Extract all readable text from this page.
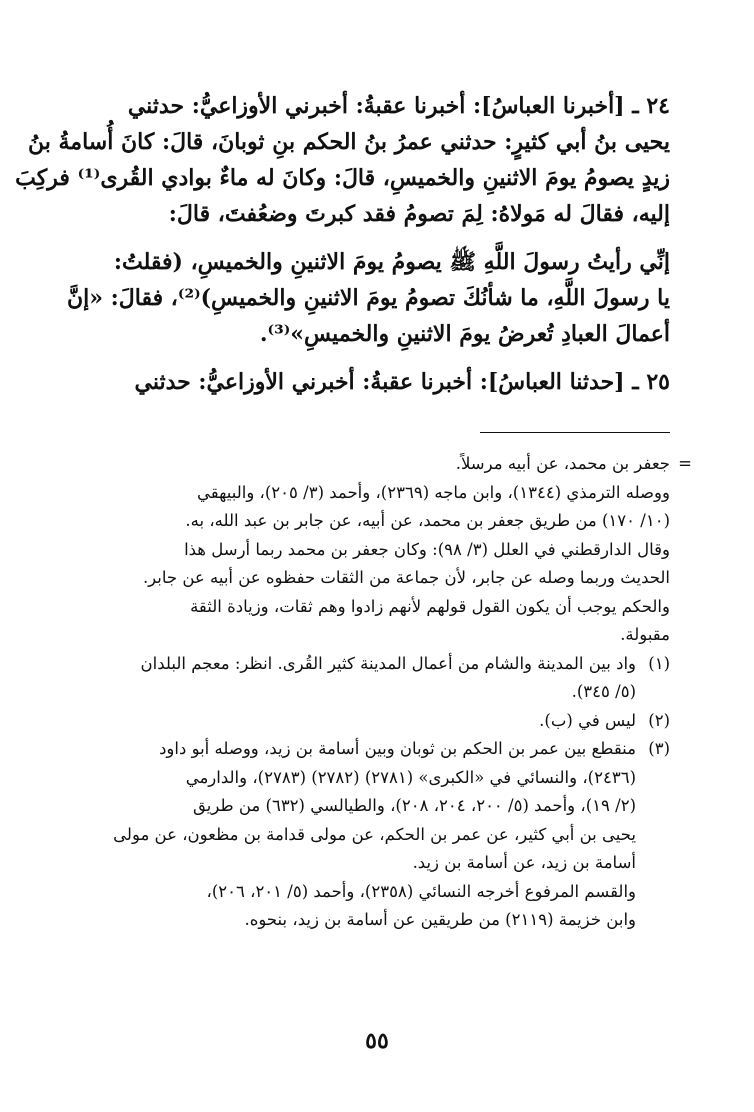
٢٤ ـ [أخبرنا العباسُ]: أخبرنا عقبةُ: أخبرني الأوزاعيُّ: حدثني
يحيى بنُ أبي كثيرٍ: حدثني عمرُ بنُ الحكم بنِ ثوبانَ، قالَ: كانَ أُسامةُ بنُ
زيدٍ يصومُ يومَ الاثنينِ والخميسِ، قالَ: وكانَ له ماءٌ بوادي القُرى⁽¹⁾ فركِبَ
إليه، فقالَ له مَولاهُ: لِمَ تصومُ فقد كبرتَ وضعُفتَ، قالَ:
إنِّي رأيتُ رسولَ اللَّهِ ﷺ يصومُ يومَ الاثنينِ والخميسِ، (فقلتُ:
يا رسولَ اللَّهِ، ما شأنُكَ تصومُ يومَ الاثنينِ والخميسِ)⁽²⁾، فقالَ: «إنَّ
أعمالَ العبادِ تُعرضُ يومَ الاثنينِ والخميسِ»⁽³⁾.
٢٥ ـ [حدثنا العباسُ]: أخبرنا عقبةُ: أخبرني الأوزاعيُّ: حدثني
=
جعفر بن محمد، عن أبيه مرسلاً.
ووصله الترمذي (١٣٤٤)، وابن ماجه (٢٣٦٩)، وأحمد (٣/ ٢٠٥)، والبيهقي
(١٠/ ١٧٠) من طريق جعفر بن محمد، عن أبيه، عن جابر بن عبد الله، به.
وقال الدارقطني في العلل (٣/ ٩٨): وكان جعفر بن محمد ربما أرسل هذا
الحديث وربما وصله عن جابر، لأن جماعة من الثقات حفظوه عن أبيه عن جابر.
والحكم يوجب أن يكون القول قولهم لأنهم زادوا وهم ثقات، وزيادة الثقة
مقبولة.
(١)
واد بين المدينة والشام من أعمال المدينة كثير القُرى. انظر: معجم البلدان
(٥/ ٣٤٥).
(٢)
ليس في (ب).
(٣)
منقطع بين عمر بن الحكم بن ثوبان وبين أسامة بن زيد، ووصله أبو داود
(٢٤٣٦)، والنسائي في «الكبرى» (٢٧٨١) (٢٧٨٢) (٢٧٨٣)، والدارمي
(٢/ ١٩)، وأحمد (٥/ ٢٠٠، ٢٠٤، ٢٠٨)، والطيالسي (٦٣٢) من طريق
يحيى بن أبي كثير، عن عمر بن الحكم، عن مولى قدامة بن مظعون، عن مولى
أسامة بن زيد، عن أسامة بن زيد.
والقسم المرفوع أخرجه النسائي (٢٣٥٨)، وأحمد (٥/ ٢٠١، ٢٠٦)،
وابن خزيمة (٢١١٩) من طريقين عن أسامة بن زيد، بنحوه.
٥٥
